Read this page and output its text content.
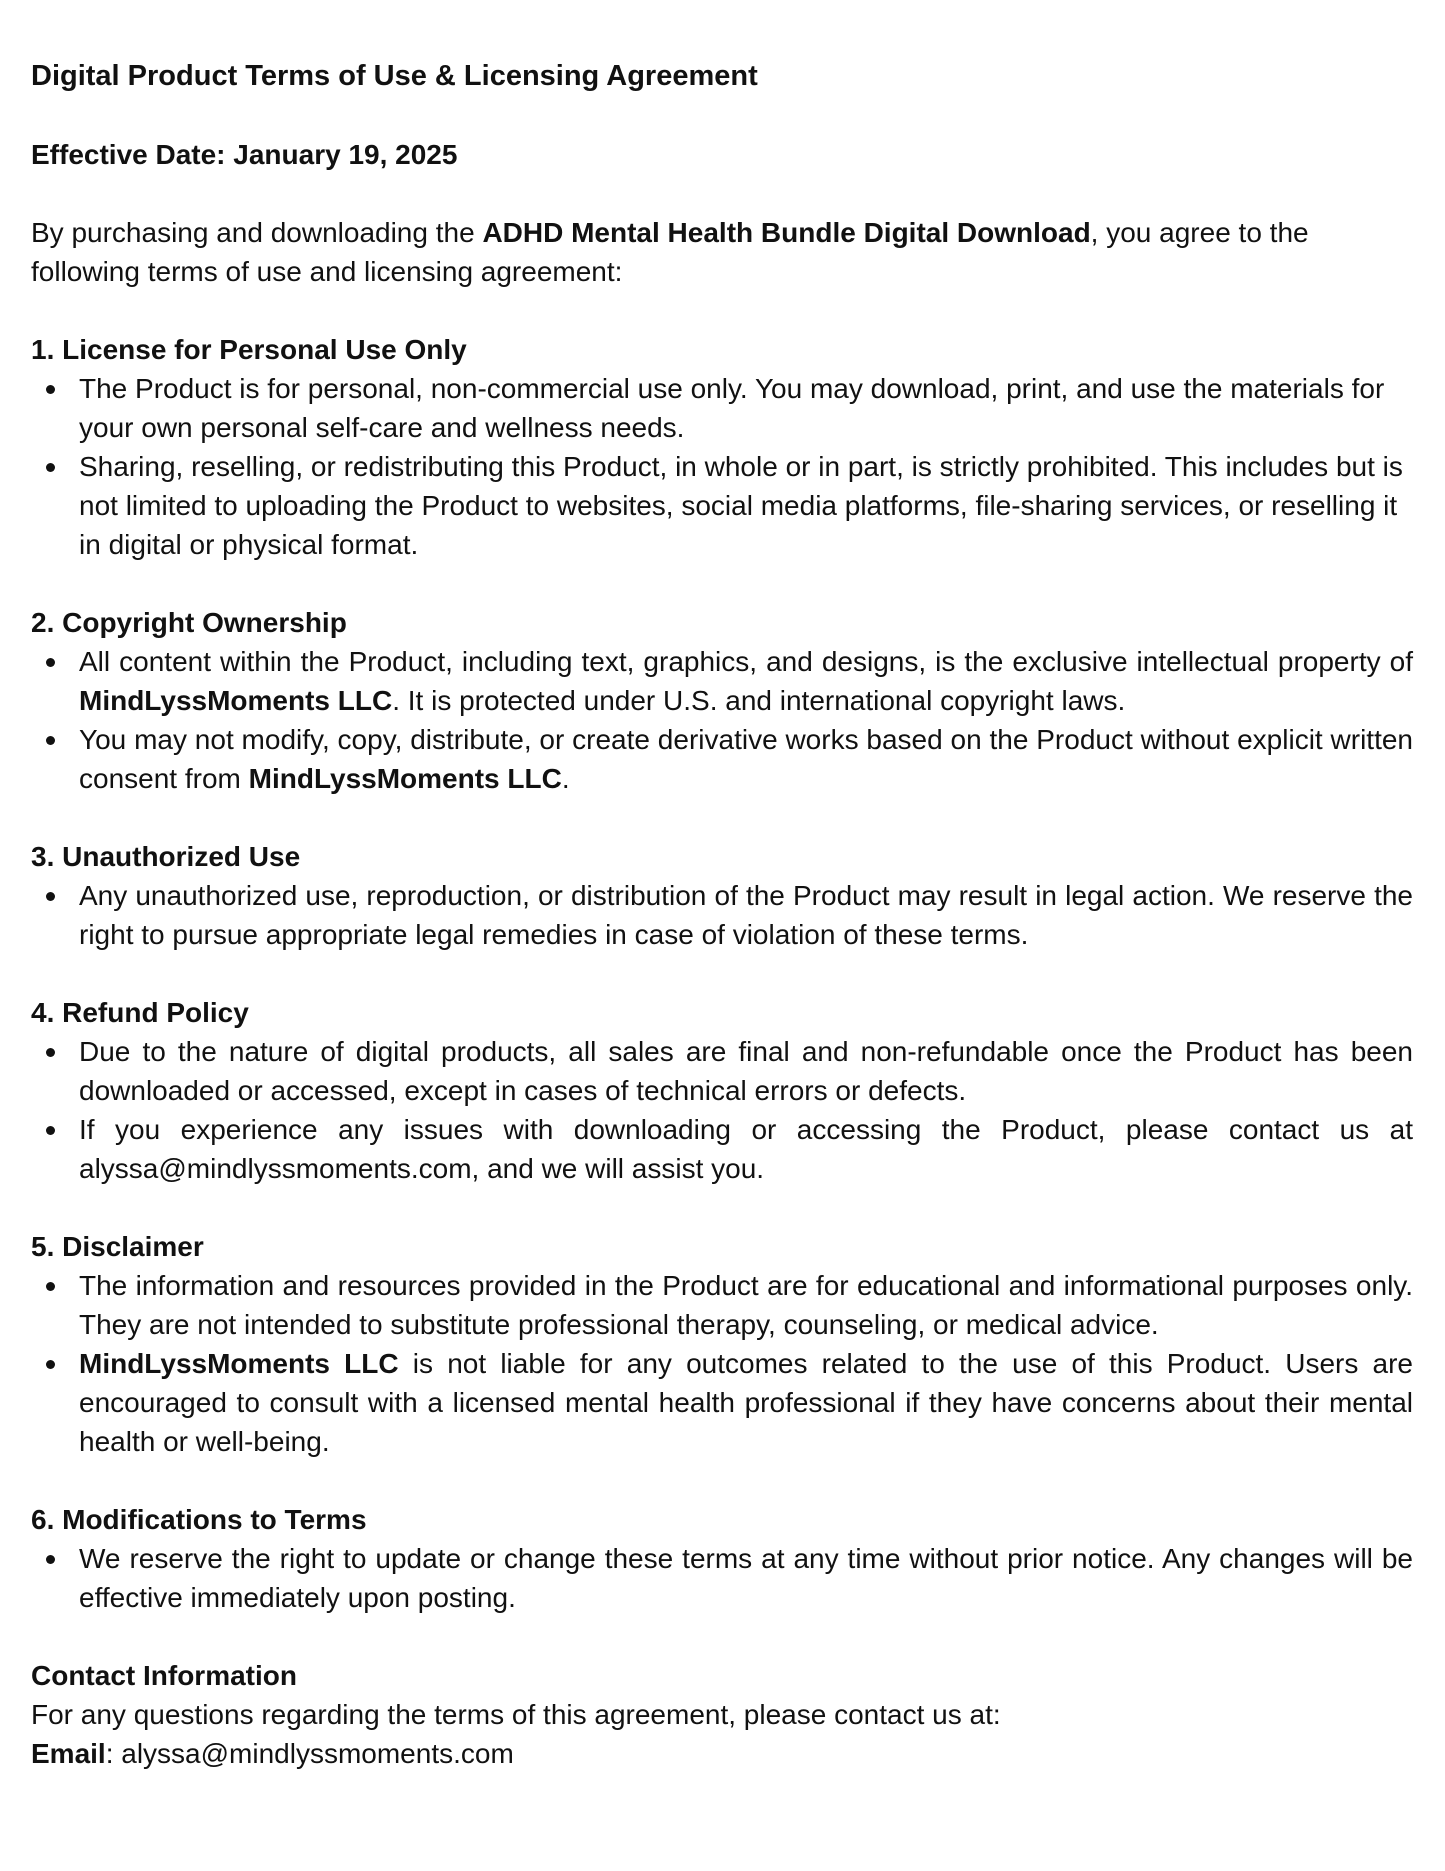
Digital Product Terms of Use & Licensing Agreement
Effective Date: January 19, 2025

By purchasing and downloading the ADHD Mental Health Bundle Digital Download, you agree to the following terms of use and licensing agreement:

1. License for Personal Use Only
The Product is for personal, non-commercial use only. You may download, print, and use the materials for your own personal self-care and wellness needs.
Sharing, reselling, or redistributing this Product, in whole or in part, is strictly prohibited. This includes but is not limited to uploading the Product to websites, social media platforms, file-sharing services, or reselling it in digital or physical format.
2. Copyright Ownership
All content within the Product, including text, graphics, and designs, is the exclusive intellectual property of MindLyssMoments LLC. It is protected under U.S. and international copyright laws.
You may not modify, copy, distribute, or create derivative works based on the Product without explicit written consent from MindLyssMoments LLC.
3. Unauthorized Use
Any unauthorized use, reproduction, or distribution of the Product may result in legal action. We reserve the right to pursue appropriate legal remedies in case of violation of these terms.
4. Refund Policy
Due to the nature of digital products, all sales are final and non-refundable once the Product has been downloaded or accessed, except in cases of technical errors or defects.
If you experience any issues with downloading or accessing the Product, please contact us at alyssa@mindlyssmoments.com, and we will assist you.
5. Disclaimer
The information and resources provided in the Product are for educational and informational purposes only. They are not intended to substitute professional therapy, counseling, or medical advice.
MindLyssMoments LLC is not liable for any outcomes related to the use of this Product. Users are encouraged to consult with a licensed mental health professional if they have concerns about their mental health or well-being.
6. Modifications to Terms
We reserve the right to update or change these terms at any time without prior notice. Any changes will be effective immediately upon posting.
Contact Information

For any questions regarding the terms of this agreement, please contact us at:

Email: alyssa@mindlyssmoments.com
